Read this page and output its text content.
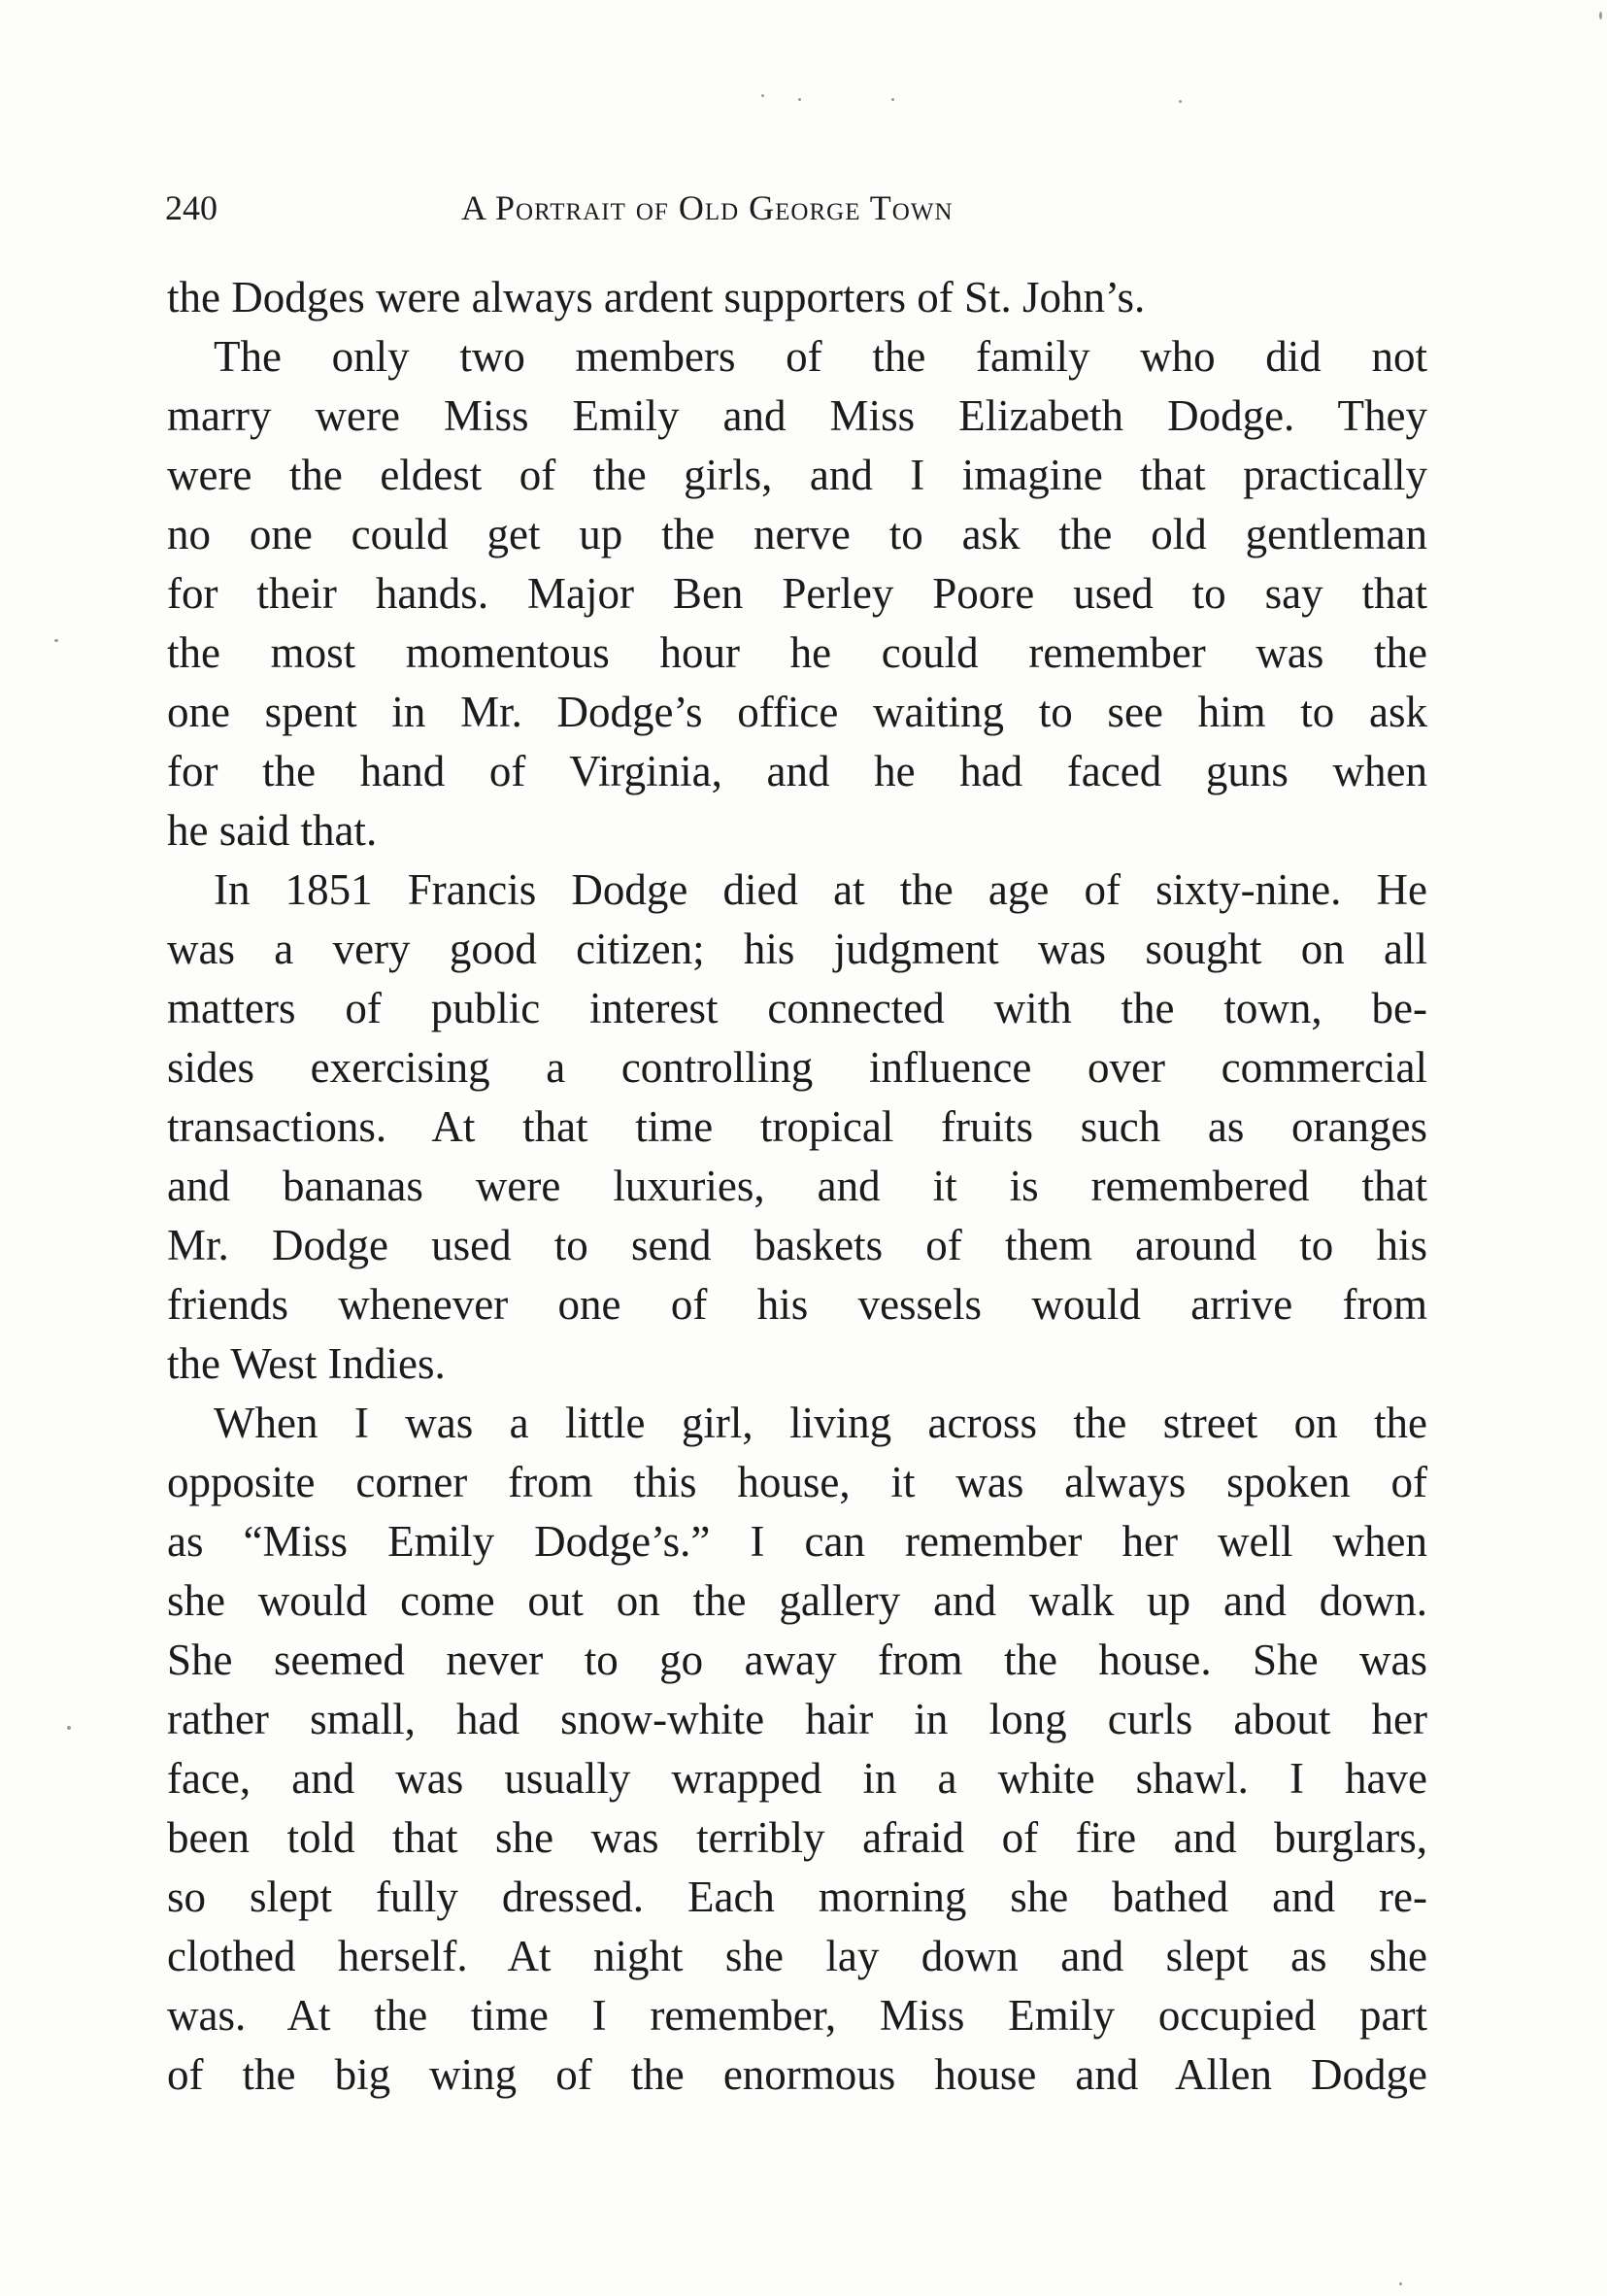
240	A Portrait of Old George Town
the Dodges were always ardent supporters of St. John’s.
The only two members of the family who did not
marry were Miss Emily and Miss Elizabeth Dodge. They
were the eldest of the girls, and I imagine that practically
no one could get up the nerve to ask the old gentleman
for their hands. Major Ben Perley Poore used to say that
the most momentous hour he could remember was the
one spent in Mr. Dodge’s office waiting to see him to ask
for the hand of Virginia, and he had faced guns when
he said that.
In 1851 Francis Dodge died at the age of sixty-nine. He
was a very good citizen; his judgment was sought on all
matters of public interest connected with the town, be-
sides exercising a controlling influence over commercial
transactions. At that time tropical fruits such as oranges
and bananas were luxuries, and it is remembered that
Mr. Dodge used to send baskets of them around to his
friends whenever one of his vessels would arrive from
the West Indies.
When I was a little girl, living across the street on the
opposite corner from this house, it was always spoken of
as “Miss Emily Dodge’s.” I can remember her well when
she would come out on the gallery and walk up and down.
She seemed never to go away from the house. She was
rather small, had snow-white hair in long curls about her
face, and was usually wrapped in a white shawl. I have
been told that she was terribly afraid of fire and burglars,
so slept fully dressed. Each morning she bathed and re-
clothed herself. At night she lay down and slept as she
was. At the time I remember, Miss Emily occupied part
of the big wing of the enormous house and Allen Dodge
